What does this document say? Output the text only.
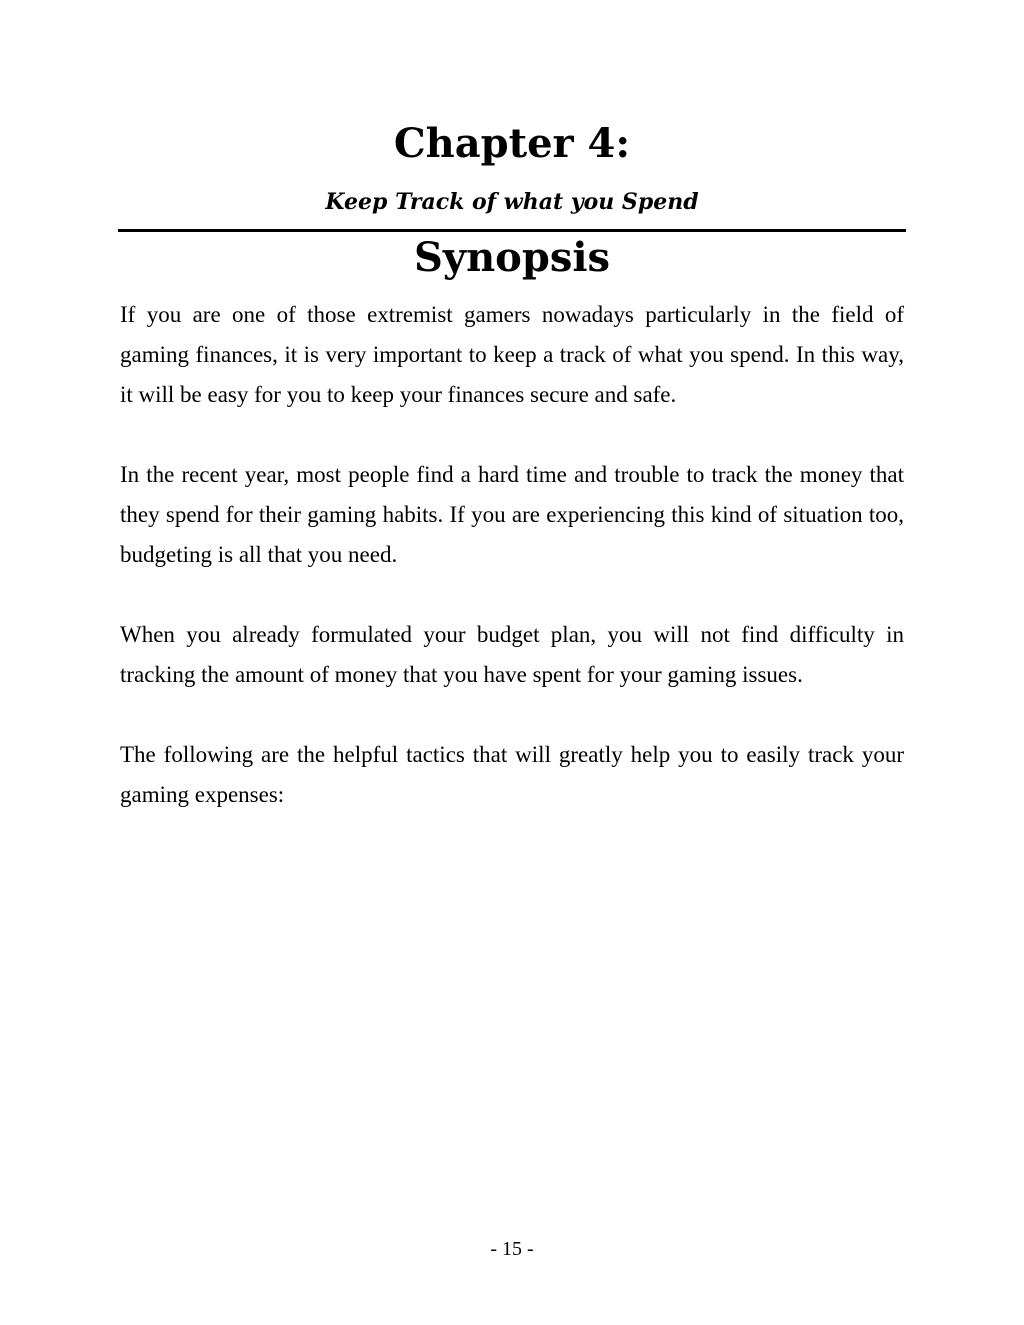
Chapter 4:
Keep Track of what you Spend
Synopsis

If you are one of those extremist gamers nowadays particularly in the field of gaming finances, it is very important to keep a track of what you spend. In this way, it will be easy for you to keep your finances secure and safe.

In the recent year, most people find a hard time and trouble to track the money that they spend for their gaming habits. If you are experiencing this kind of situation too, budgeting is all that you need.

When you already formulated your budget plan, you will not find difficulty in tracking the amount of money that you have spent for your gaming issues.

The following are the helpful tactics that will greatly help you to easily track your gaming expenses:

- 15 -
